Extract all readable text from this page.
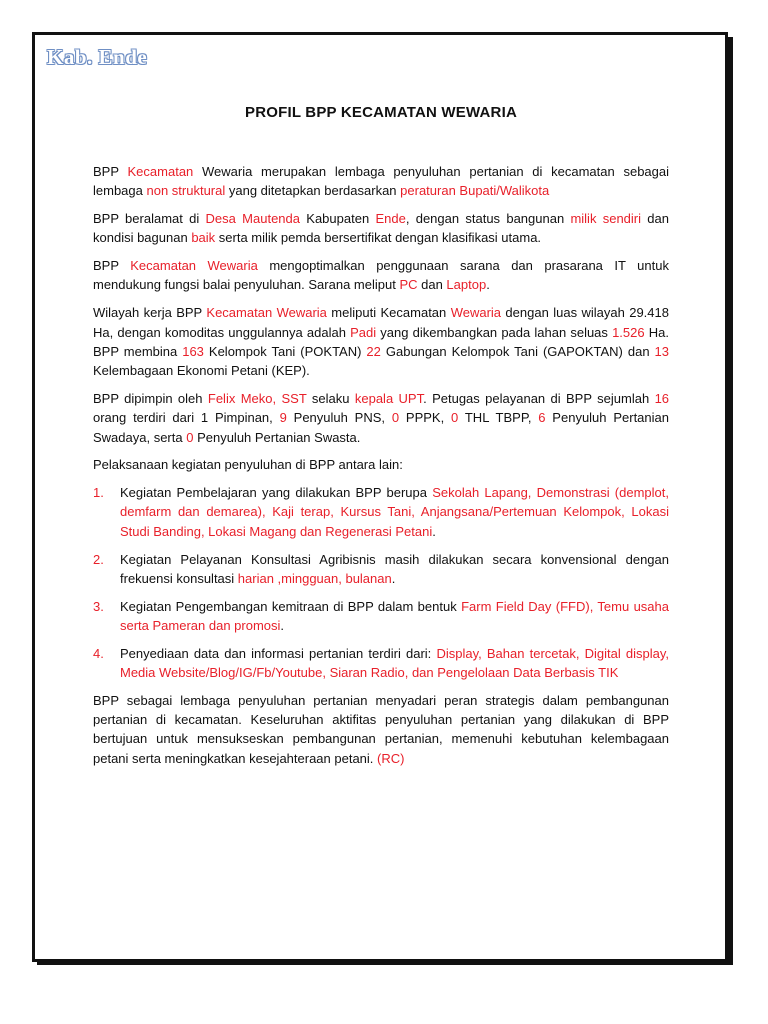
Kab. Ende
PROFIL BPP KECAMATAN WEWARIA

BPP Kecamatan Wewaria merupakan lembaga penyuluhan pertanian di kecamatan sebagai lembaga non struktural yang ditetapkan berdasarkan peraturan Bupati/Walikota

BPP beralamat di Desa Mautenda Kabupaten Ende, dengan status bangunan milik sendiri dan kondisi bagunan baik serta milik pemda bersertifikat dengan klasifikasi utama.

BPP Kecamatan Wewaria mengoptimalkan penggunaan sarana dan prasarana IT untuk mendukung fungsi balai penyuluhan. Sarana meliput PC dan Laptop.

Wilayah kerja BPP Kecamatan Wewaria meliputi Kecamatan Wewaria dengan luas wilayah 29.418 Ha, dengan komoditas unggulannya adalah Padi yang dikembangkan pada lahan seluas 1.526 Ha. BPP membina 163 Kelompok Tani (POKTAN) 22 Gabungan Kelompok Tani (GAPOKTAN) dan 13 Kelembagaan Ekonomi Petani (KEP).

BPP dipimpin oleh Felix Meko, SST selaku kepala UPT. Petugas pelayanan di BPP sejumlah 16 orang terdiri dari 1 Pimpinan, 9 Penyuluh PNS, 0 PPPK, 0 THL TBPP, 6 Penyuluh Pertanian Swadaya, serta 0 Penyuluh Pertanian Swasta.

Pelaksanaan kegiatan penyuluhan di BPP antara lain:

1. Kegiatan Pembelajaran yang dilakukan BPP berupa Sekolah Lapang, Demonstrasi (demplot, demfarm dan demarea), Kaji terap, Kursus Tani, Anjangsana/Pertemuan Kelompok, Lokasi Studi Banding, Lokasi Magang dan Regenerasi Petani.
2. Kegiatan Pelayanan Konsultasi Agribisnis masih dilakukan secara konvensional dengan frekuensi konsultasi harian ,mingguan, bulanan.
3. Kegiatan Pengembangan kemitraan di BPP dalam bentuk Farm Field Day (FFD), Temu usaha serta Pameran dan promosi.
4. Penyediaan data dan informasi pertanian terdiri dari: Display, Bahan tercetak, Digital display, Media Website/Blog/IG/Fb/Youtube, Siaran Radio, dan Pengelolaan Data Berbasis TIK

BPP sebagai lembaga penyuluhan pertanian menyadari peran strategis dalam pembangunan pertanian di kecamatan. Keseluruhan aktifitas penyuluhan pertanian yang dilakukan di BPP bertujuan untuk mensukseskan pembangunan pertanian, memenuhi kebutuhan kelembagaan petani serta meningkatkan kesejahteraan petani. (RC)
